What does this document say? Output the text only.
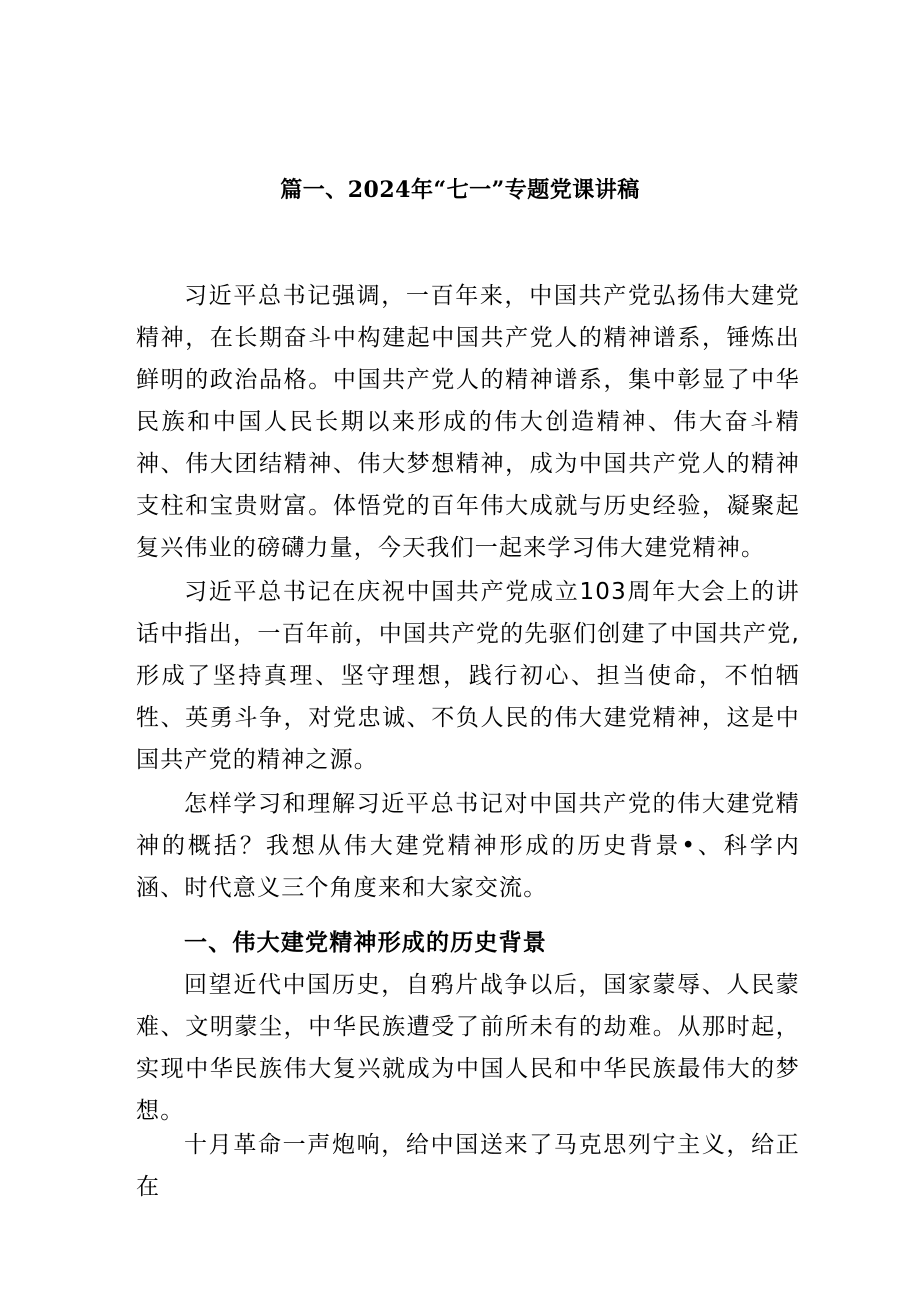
篇一、2024年“七一”专题党课讲稿

习近平总书记强调，一百年来，中国共产党弘扬伟大建党精神，在长期奋斗中构建起中国共产党人的精神谱系，锤炼出鲜明的政治品格。中国共产党人的精神谱系，集中彰显了中华民族和中国人民长期以来形成的伟大创造精神、伟大奋斗精神、伟大团结精神、伟大梦想精神，成为中国共产党人的精神支柱和宝贵财富。体悟党的百年伟大成就与历史经验，凝聚起复兴伟业的磅礴力量，今天我们一起来学习伟大建党精神。

习近平总书记在庆祝中国共产党成立103周年大会上的讲话中指出，一百年前，中国共产党的先驱们创建了中国共产党,形成了坚持真理、坚守理想，践行初心、担当使命，不怕牺牲、英勇斗争，对党忠诚、不负人民的伟大建党精神，这是中国共产党的精神之源。

怎样学习和理解习近平总书记对中国共产党的伟大建党精神的概括？我想从伟大建党精神形成的历史背景•、科学内涵、时代意义三个角度来和大家交流。

一、伟大建党精神形成的历史背景

回望近代中国历史，自鸦片战争以后，国家蒙辱、人民蒙难、文明蒙尘，中华民族遭受了前所未有的劫难。从那时起，实现中华民族伟大复兴就成为中国人民和中华民族最伟大的梦想。

十月革命一声炮响，给中国送来了马克思列宁主义，给正在
